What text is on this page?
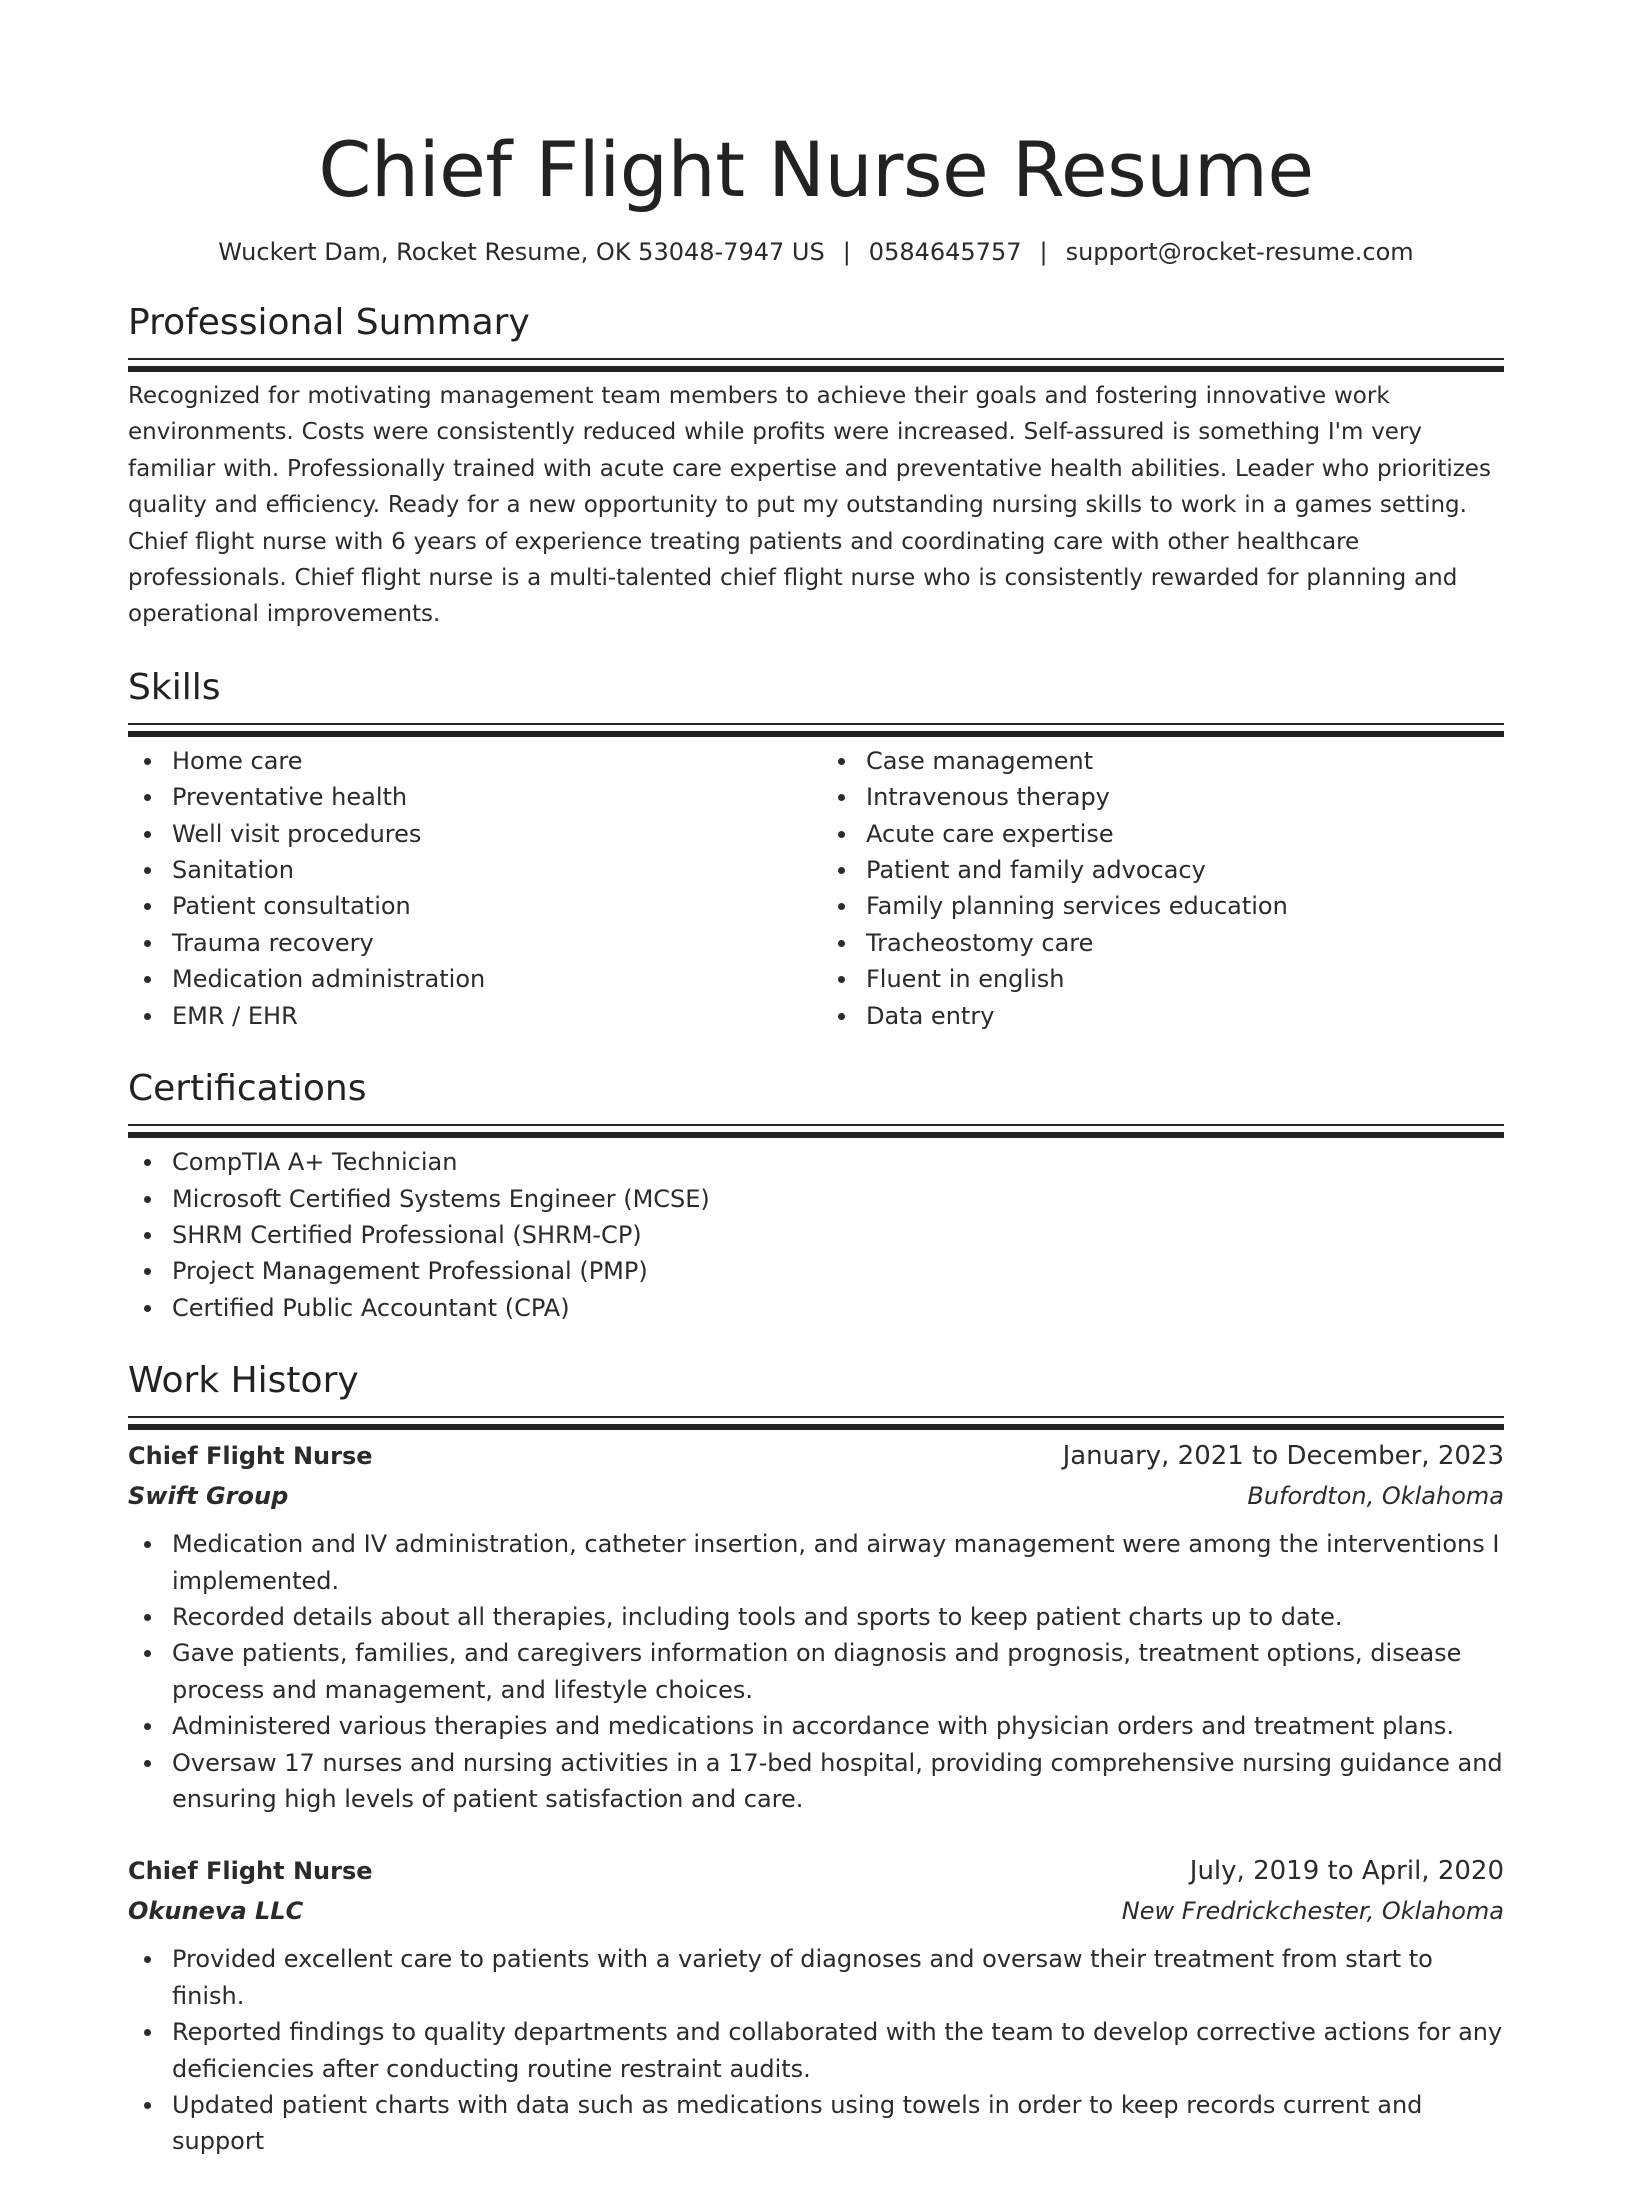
Chief Flight Nurse Resume
Wuckert Dam, Rocket Resume, OK 53048-7947 US | 0584645757 | support@rocket-resume.com
Professional Summary

Recognized for motivating management team members to achieve their goals and fostering innovative work environments. Costs were consistently reduced while profits were increased. Self-assured is something I'm very familiar with. Professionally trained with acute care expertise and preventative health abilities. Leader who prioritizes quality and efficiency. Ready for a new opportunity to put my outstanding nursing skills to work in a games setting. Chief flight nurse with 6 years of experience treating patients and coordinating care with other healthcare professionals. Chief flight nurse is a multi-talented chief flight nurse who is consistently rewarded for planning and operational improvements.

Skills
Home care
Preventative health
Well visit procedures
Sanitation
Patient consultation
Trauma recovery
Medication administration
EMR / EHR
Case management
Intravenous therapy
Acute care expertise
Patient and family advocacy
Family planning services education
Tracheostomy care
Fluent in english
Data entry
Certifications
CompTIA A+ Technician
Microsoft Certified Systems Engineer (MCSE)
SHRM Certified Professional (SHRM-CP)
Project Management Professional (PMP)
Certified Public Accountant (CPA)
Work History
Chief Flight Nurse	January, 2021 to December, 2023
Swift Group	Bufordton, Oklahoma
Medication and IV administration, catheter insertion, and airway management were among the interventions I implemented.
Recorded details about all therapies, including tools and sports to keep patient charts up to date.
Gave patients, families, and caregivers information on diagnosis and prognosis, treatment options, disease process and management, and lifestyle choices.
Administered various therapies and medications in accordance with physician orders and treatment plans.
Oversaw 17 nurses and nursing activities in a 17-bed hospital, providing comprehensive nursing guidance and ensuring high levels of patient satisfaction and care.
Chief Flight Nurse	July, 2019 to April, 2020
Okuneva LLC	New Fredrickchester, Oklahoma
Provided excellent care to patients with a variety of diagnoses and oversaw their treatment from start to finish.
Reported findings to quality departments and collaborated with the team to develop corrective actions for any deficiencies after conducting routine restraint audits.
Updated patient charts with data such as medications using towels in order to keep records current and support
